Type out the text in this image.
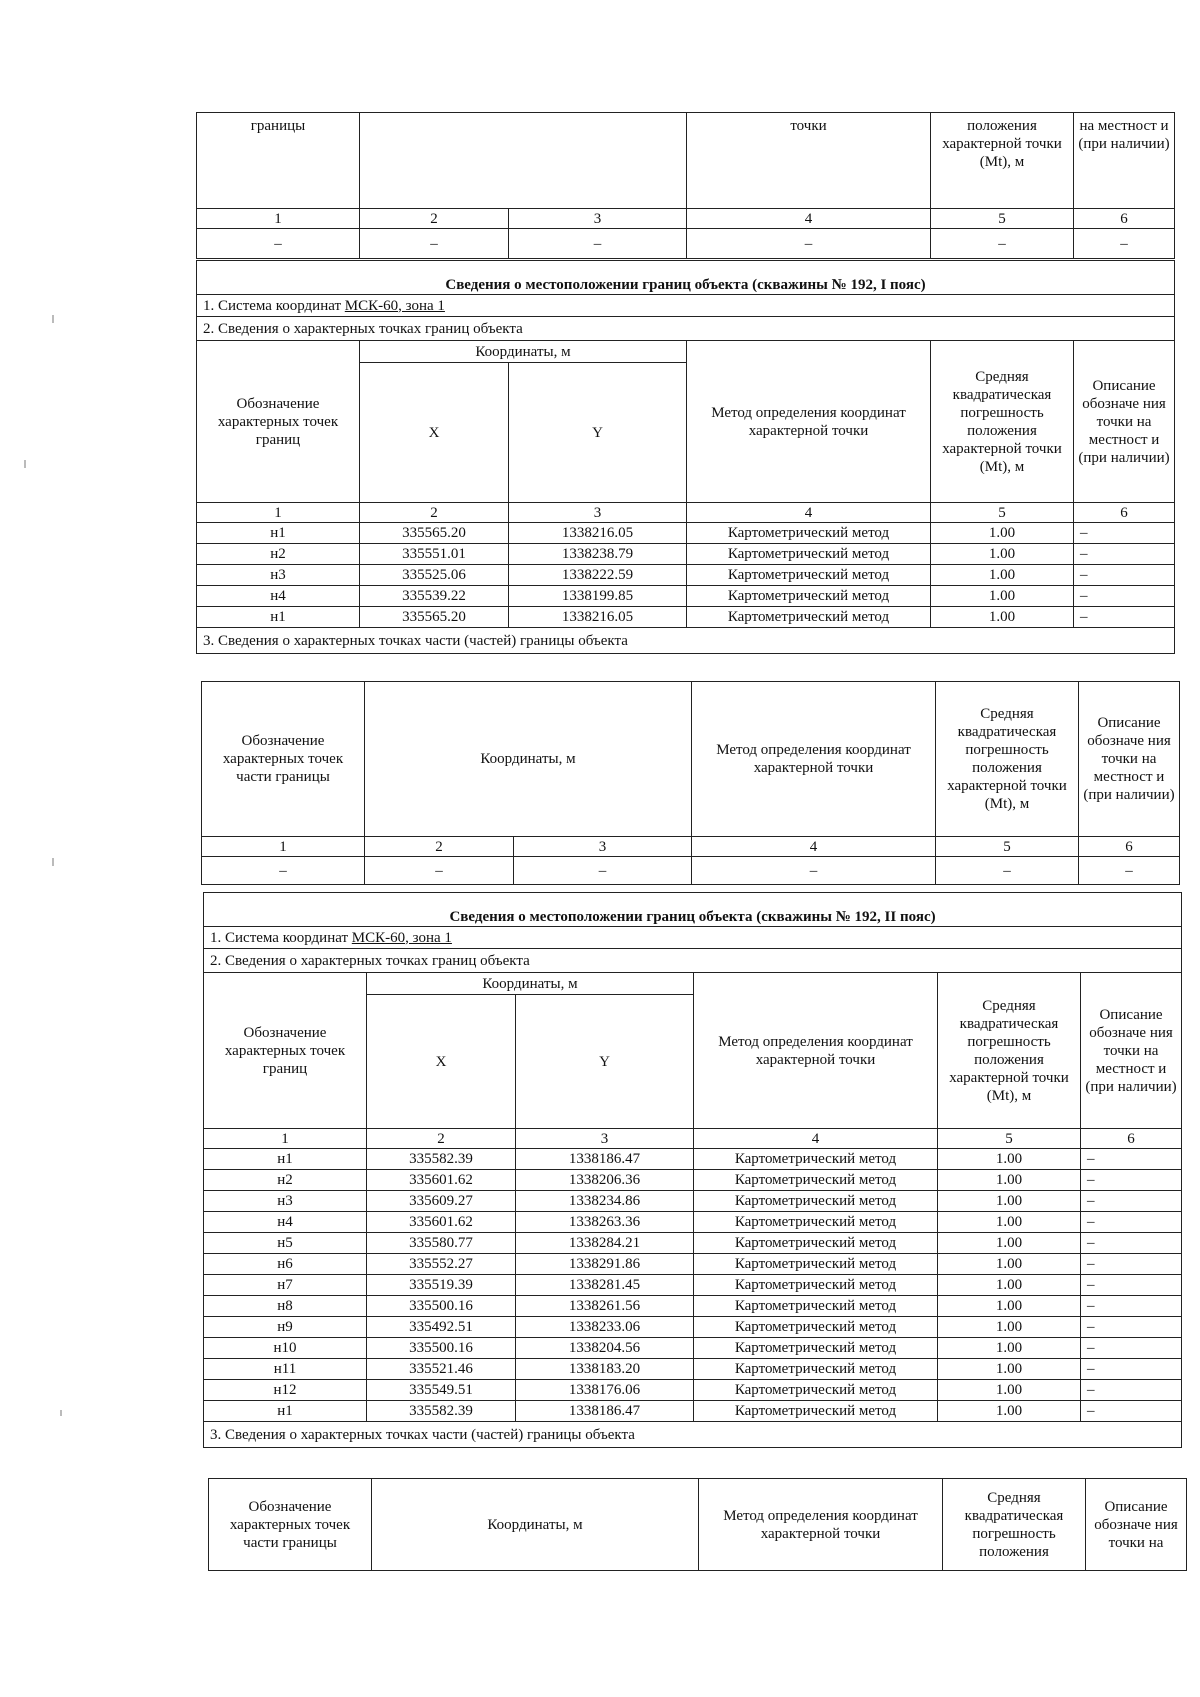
границы			точки	положения характерной точки (Mt), м	на местност и (при наличии)
1	2	3	4	5	6
–	–	–	–	–	–
Сведения о местоположении границ объекта (скважины № 192, I пояс)					
1. Система координат МСК-60, зона 1					
2. Сведения о характерных точках границ объекта					
Обозначение характерных точек границ	Координаты, м		Метод определения координат характерной точки	Средняя квадратическая погрешность положения характерной точки (Mt), м	Описание обозначе ния точки на местност и (при наличии)
	X	Y			
1	2	3	4	5	6
н1	335565.20	1338216.05	Картометрический метод	1.00	–
н2	335551.01	1338238.79	Картометрический метод	1.00	–
н3	335525.06	1338222.59	Картометрический метод	1.00	–
н4	335539.22	1338199.85	Картометрический метод	1.00	–
н1	335565.20	1338216.05	Картометрический метод	1.00	–
3. Сведения о характерных точках части (частей) границы объекта					
Обозначение характерных точек части границы	Координаты, м		Метод определения координат характерной точки	Средняя квадратическая погрешность положения характерной точки (Mt), м	Описание обозначе ния точки на местност и (при наличии)
1	2	3	4	5	6
–	–	–	–	–	–
Сведения о местоположении границ объекта (скважины № 192, II пояс)					
1. Система координат МСК-60, зона 1					
2. Сведения о характерных точках границ объекта					
Обозначение характерных точек границ	Координаты, м		Метод определения координат характерной точки	Средняя квадратическая погрешность положения характерной точки (Mt), м	Описание обозначе ния точки на местност и (при наличии)
	X	Y			
1	2	3	4	5	6
н1	335582.39	1338186.47	Картометрический метод	1.00	–
н2	335601.62	1338206.36	Картометрический метод	1.00	–
н3	335609.27	1338234.86	Картометрический метод	1.00	–
н4	335601.62	1338263.36	Картометрический метод	1.00	–
н5	335580.77	1338284.21	Картометрический метод	1.00	–
н6	335552.27	1338291.86	Картометрический метод	1.00	–
н7	335519.39	1338281.45	Картометрический метод	1.00	–
н8	335500.16	1338261.56	Картометрический метод	1.00	–
н9	335492.51	1338233.06	Картометрический метод	1.00	–
н10	335500.16	1338204.56	Картометрический метод	1.00	–
н11	335521.46	1338183.20	Картометрический метод	1.00	–
н12	335549.51	1338176.06	Картометрический метод	1.00	–
н1	335582.39	1338186.47	Картометрический метод	1.00	–
3. Сведения о характерных точках части (частей) границы объекта					
Обозначение характерных точек части границы	Координаты, м	Метод определения координат характерной точки	Средняя квадратическая погрешность положения	Описание обозначе ния точки на
